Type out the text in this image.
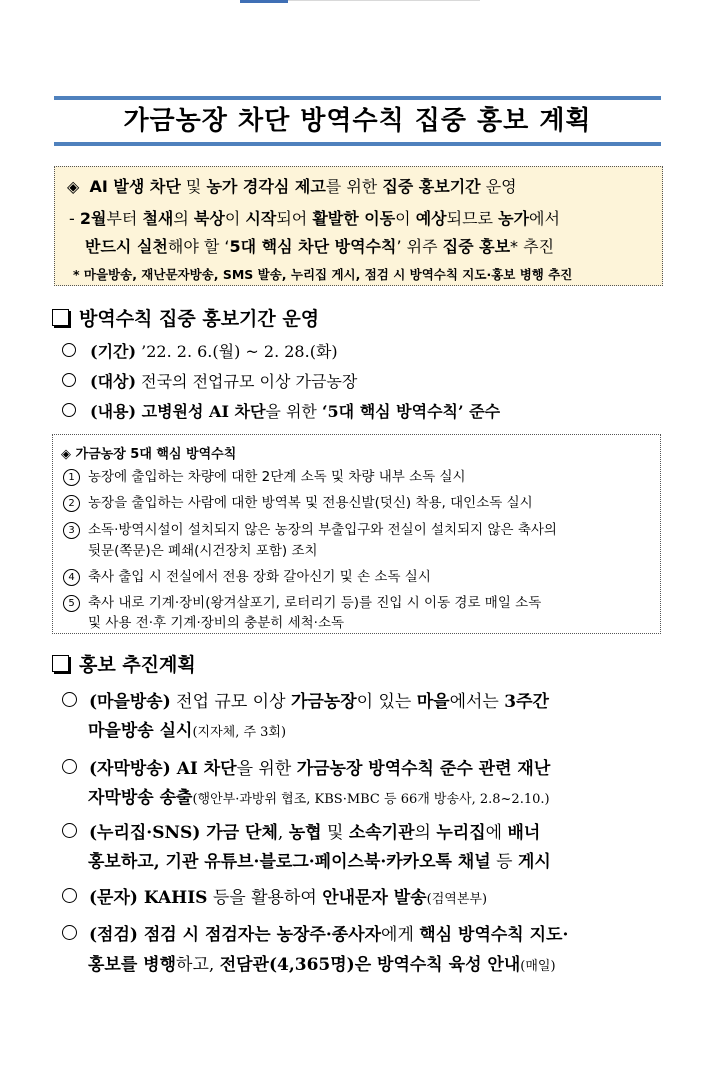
가금농장 차단 방역수칙 집중 홍보 계획
◈ AI 발생 차단 및 농가 경각심 제고를 위한 집중 홍보기간 운영
- 2월부터 철새의 북상이 시작되어 활발한 이동이 예상되므로 농가에서
반드시 실천해야 할 ‘5대 핵심 차단 방역수칙’ 위주 집중 홍보* 추진
* 마을방송, 재난문자방송, SMS 발송, 누리집 게시, 점검 시 방역수칙 지도·홍보 병행 추진
방역수칙 집중 홍보기간 운영
(기간) ’22. 2. 6.(월) ~ 2. 28.(화)
(대상) 전국의 전업규모 이상 가금농장
(내용) 고병원성 AI 차단을 위한 ‘5대 핵심 방역수칙’ 준수
◈ 가금농장 5대 핵심 방역수칙
1 농장에 출입하는 차량에 대한 2단계 소독 및 차량 내부 소독 실시
2 농장을 출입하는 사람에 대한 방역복 및 전용신발(덧신) 착용, 대인소독 실시
3 소독·방역시설이 설치되지 않은 농장의 부출입구와 전실이 설치되지 않은 축사의
뒷문(쪽문)은 폐쇄(시건장치 포함) 조치
4 축사 출입 시 전실에서 전용 장화 갈아신기 및 손 소독 실시
5 축사 내로 기계·장비(왕겨살포기, 로터리기 등)를 진입 시 이동 경로 매일 소독
및 사용 전·후 기계·장비의 충분히 세척·소독
홍보 추진계획
(마을방송) 전업 규모 이상 가금농장이 있는 마을에서는 3주간
마을방송 실시(지자체, 주 3회)
(자막방송) AI 차단을 위한 가금농장 방역수칙 준수 관련 재난
자막방송 송출(행안부·과방위 협조, KBS·MBC 등 66개 방송사, 2.8~2.10.)
(누리집·SNS) 가금 단체, 농협 및 소속기관의 누리집에 배너
홍보하고, 기관 유튜브·블로그·페이스북·카카오톡 채널 등 게시
(문자) KAHIS 등을 활용하여 안내문자 발송(검역본부)
(점검) 점검 시 점검자는 농장주·종사자에게 핵심 방역수칙 지도·
홍보를 병행하고, 전담관(4,365명)은 방역수칙 육성 안내(매일)
